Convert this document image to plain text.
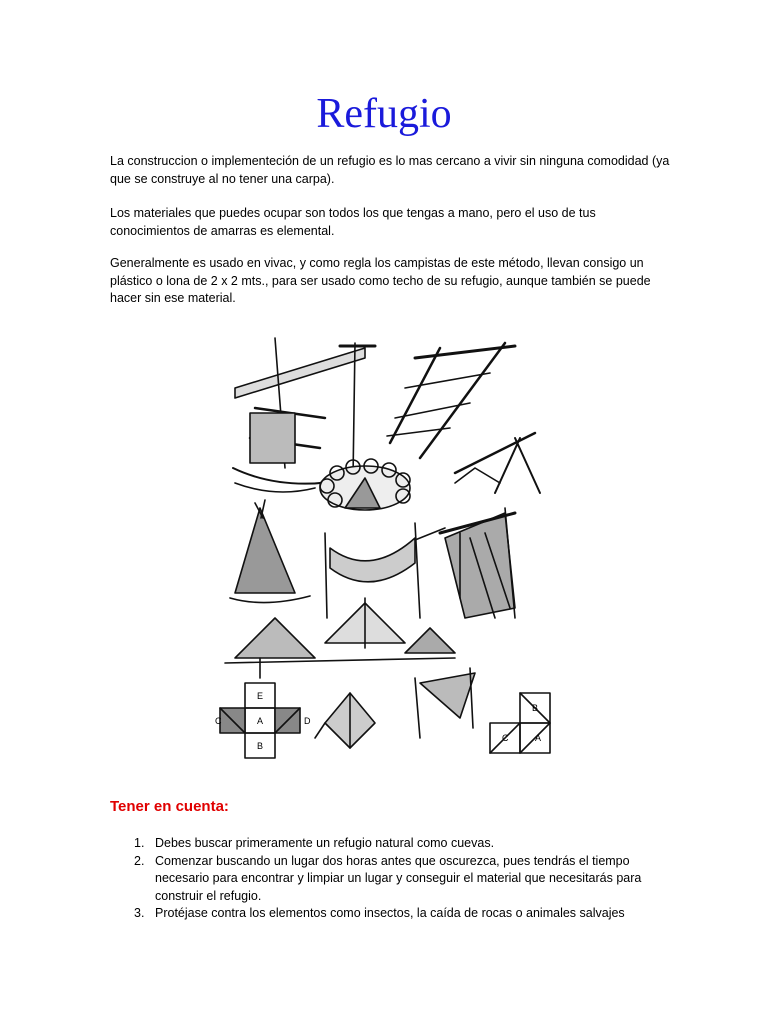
Refugio

La construccion o implementeción de un refugio es lo mas cercano a vivir sin ninguna comodidad (ya que se construye al no tener una carpa).

Los materiales que puedes ocupar son todos los que tengas a mano, pero el uso de tus conocimientos de amarras es elemental.

Generalmente es usado en vivac, y como regla los campistas de este método, llevan consigo un plástico o lona de 2 x 2 mts., para ser usado como techo de su refugio, aunque también se puede hacer sin ese material.

E
A	D
C
B
B
C	A
Tener en cuenta:
1. Debes buscar primeramente un refugio natural como cuevas.
2. Comenzar buscando un lugar dos horas antes que oscurezca, pues tendrás el tiempo necesario para encontrar y limpiar un lugar y conseguir el material que necesitarás para construir el refugio.
3. Protéjase contra los elementos como insectos, la caída de rocas o animales salvajes
